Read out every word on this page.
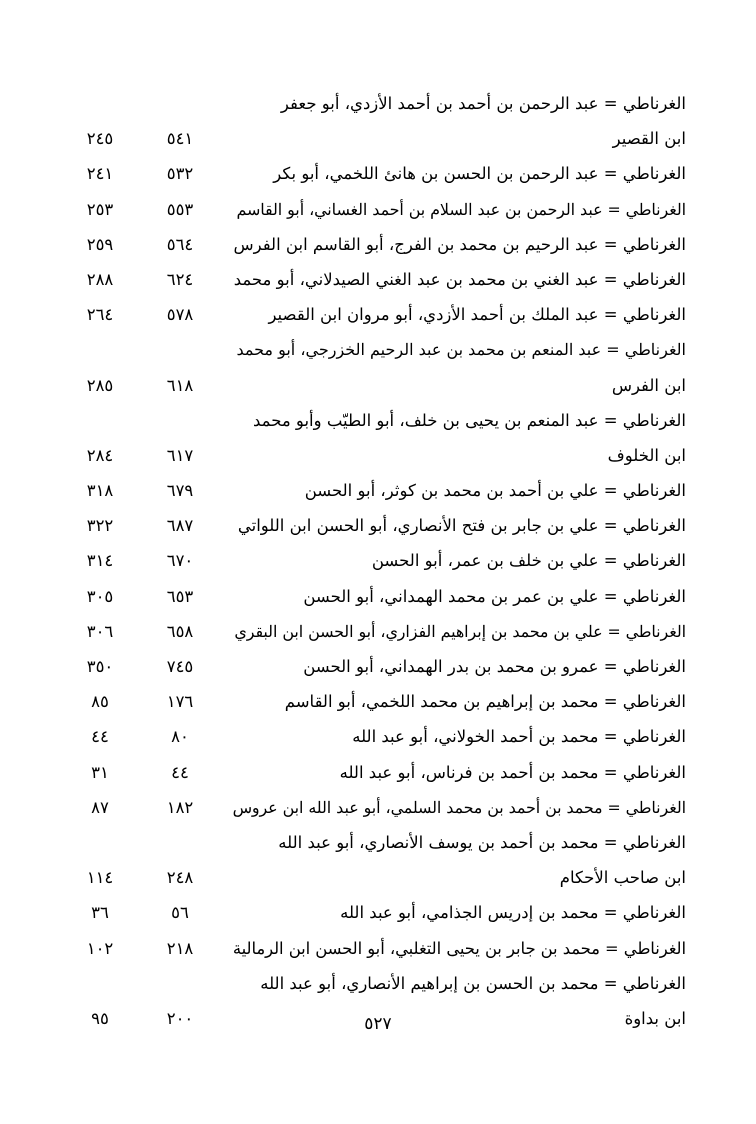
الغرناطي = عبد الرحمن بن أحمد بن أحمد الأزدي، أبو جعفر
ابن القصير
٥٤١
٢٤٥
الغرناطي = عبد الرحمن بن الحسن بن هانئ اللخمي، أبو بكر
٥٣٢
٢٤١
الغرناطي = عبد الرحمن بن عبد السلام بن أحمد الغساني، أبو القاسم
٥٥٣
٢٥٣
الغرناطي = عبد الرحيم بن محمد بن الفرج، أبو القاسم ابن الفرس
٥٦٤
٢٥٩
الغرناطي = عبد الغني بن محمد بن عبد الغني الصيدلاني، أبو محمد
٦٢٤
٢٨٨
الغرناطي = عبد الملك بن أحمد الأزدي، أبو مروان ابن القصير
٥٧٨
٢٦٤
الغرناطي = عبد المنعم بن محمد بن عبد الرحيم الخزرجي، أبو محمد
ابن الفرس
٦١٨
٢٨٥
الغرناطي = عبد المنعم بن يحيى بن خلف، أبو الطيّب وأبو محمد
ابن الخلوف
٦١٧
٢٨٤
الغرناطي = علي بن أحمد بن محمد بن كوثر، أبو الحسن
٦٧٩
٣١٨
الغرناطي = علي بن جابر بن فتح الأنصاري، أبو الحسن ابن اللواتي
٦٨٧
٣٢٢
الغرناطي = علي بن خلف بن عمر، أبو الحسن
٦٧٠
٣١٤
الغرناطي = علي بن عمر بن محمد الهمداني، أبو الحسن
٦٥٣
٣٠٥
الغرناطي = علي بن محمد بن إبراهيم الفزاري، أبو الحسن ابن البقري
٦٥٨
٣٠٦
الغرناطي = عمرو بن محمد بن بدر الهمداني، أبو الحسن
٧٤٥
٣٥٠
الغرناطي = محمد بن إبراهيم بن محمد اللخمي، أبو القاسم
١٧٦
٨٥
الغرناطي = محمد بن أحمد الخولاني، أبو عبد الله
٨٠
٤٤
الغرناطي = محمد بن أحمد بن فرناس، أبو عبد الله
٤٤
٣١
الغرناطي = محمد بن أحمد بن محمد السلمي، أبو عبد الله ابن عروس
١٨٢
٨٧
الغرناطي = محمد بن أحمد بن يوسف الأنصاري، أبو عبد الله
ابن صاحب الأحكام
٢٤٨
١١٤
الغرناطي = محمد بن إدريس الجذامي، أبو عبد الله
٥٦
٣٦
الغرناطي = محمد بن جابر بن يحيى التغلبي، أبو الحسن ابن الرمالية
٢١٨
١٠٢
الغرناطي = محمد بن الحسن بن إبراهيم الأنصاري، أبو عبد الله
ابن بداوة
٢٠٠
٩٥	٥٢٧
